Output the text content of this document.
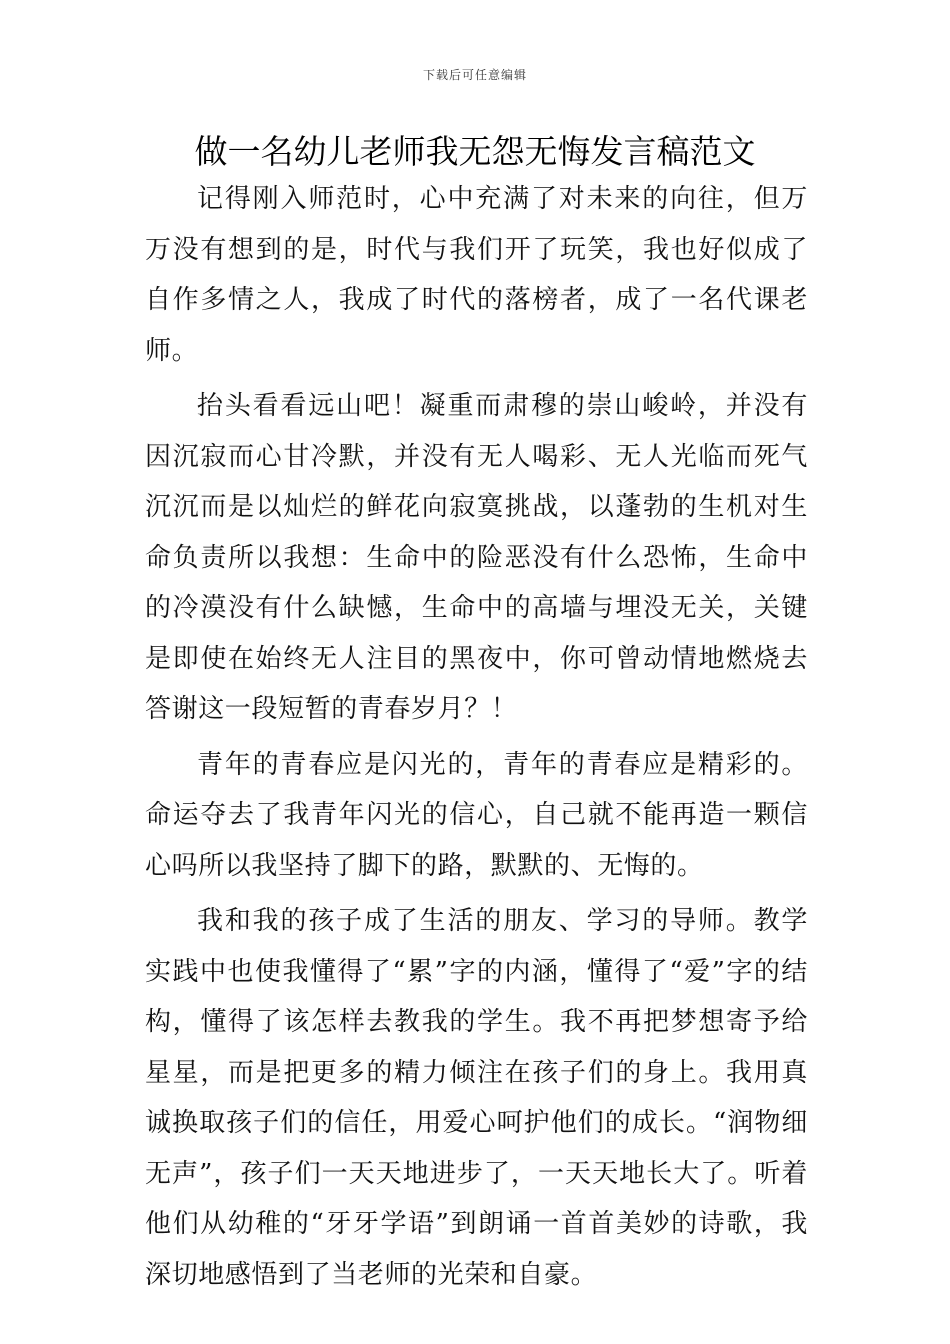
下载后可任意编辑
做一名幼儿老师我无怨无悔发言稿范文

记得刚入师范时，心中充满了对未来的向往，但万万没有想到的是，时代与我们开了玩笑，我也好似成了自作多情之人，我成了时代的落榜者，成了一名代课老师。

抬头看看远山吧！凝重而肃穆的崇山峻岭，并没有因沉寂而心甘冷默，并没有无人喝彩、无人光临而死气沉沉而是以灿烂的鲜花向寂寞挑战，以蓬勃的生机对生命负责所以我想：生命中的险恶没有什么恐怖，生命中的冷漠没有什么缺憾，生命中的高墙与埋没无关，关键是即使在始终无人注目的黑夜中，你可曾动情地燃烧去答谢这一段短暂的青春岁月？！

青年的青春应是闪光的，青年的青春应是精彩的。命运夺去了我青年闪光的信心，自己就不能再造一颗信心吗所以我坚持了脚下的路，默默的、无悔的。

我和我的孩子成了生活的朋友、学习的导师。教学实践中也使我懂得了“累”字的内涵，懂得了“爱”字的结构，懂得了该怎样去教我的学生。我不再把梦想寄予给星星，而是把更多的精力倾注在孩子们的身上。我用真诚换取孩子们的信任，用爱心呵护他们的成长。“润物细无声”，孩子们一天天地进步了，一天天地长大了。听着他们从幼稚的“牙牙学语”到朗诵一首首美妙的诗歌，我深切地感悟到了当老师的光荣和自豪。
